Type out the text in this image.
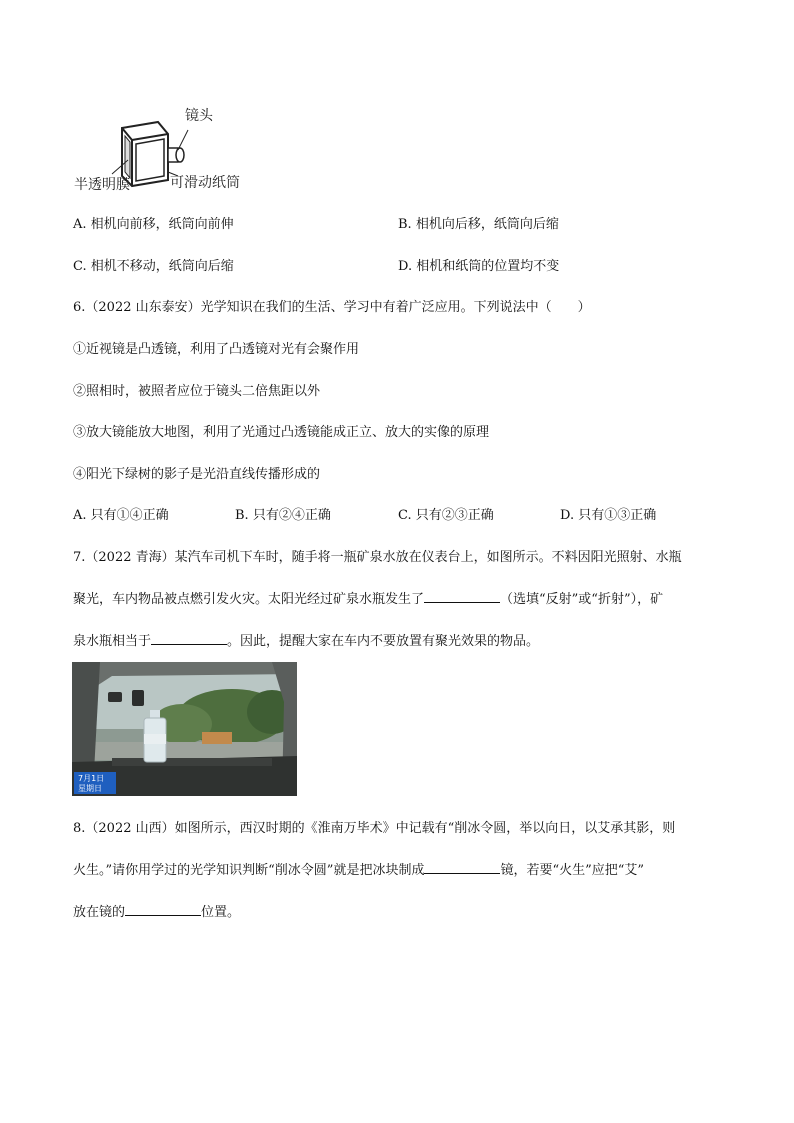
镜头
半透明膜	可滑动纸筒
A. 相机向前移，纸筒向前伸	B. 相机向后移，纸筒向后缩
C. 相机不移动，纸筒向后缩	D. 相机和纸筒的位置均不变
6.（2022 山东泰安）光学知识在我们的生活、学习中有着广泛应用。下列说法中（　　）
①近视镜是凸透镜，利用了凸透镜对光有会聚作用
②照相时，被照者应位于镜头二倍焦距以外
③放大镜能放大地图，利用了光通过凸透镜能成正立、放大的实像的原理
④阳光下绿树的影子是光沿直线传播形成的
A. 只有①④正确	B. 只有②④正确	C. 只有②③正确	D. 只有①③正确
7.（2022 青海）某汽车司机下车时，随手将一瓶矿泉水放在仪表台上，如图所示。不料因阳光照射、水瓶
聚光，车内物品被点燃引发火灾。太阳光经过矿泉水瓶发生了	（选填“反射”或“折射”），矿
泉水瓶相当于	。因此，提醒大家在车内不要放置有聚光效果的物品。
7月1日
星期日
8.（2022 山西）如图所示，西汉时期的《淮南万毕术》中记载有“削冰令圆，举以向日，以艾承其影，则
火生。”请你用学过的光学知识判断“削冰令圆”就是把冰块制成	镜，若要“火生”应把“艾”
放在镜的	位置。
